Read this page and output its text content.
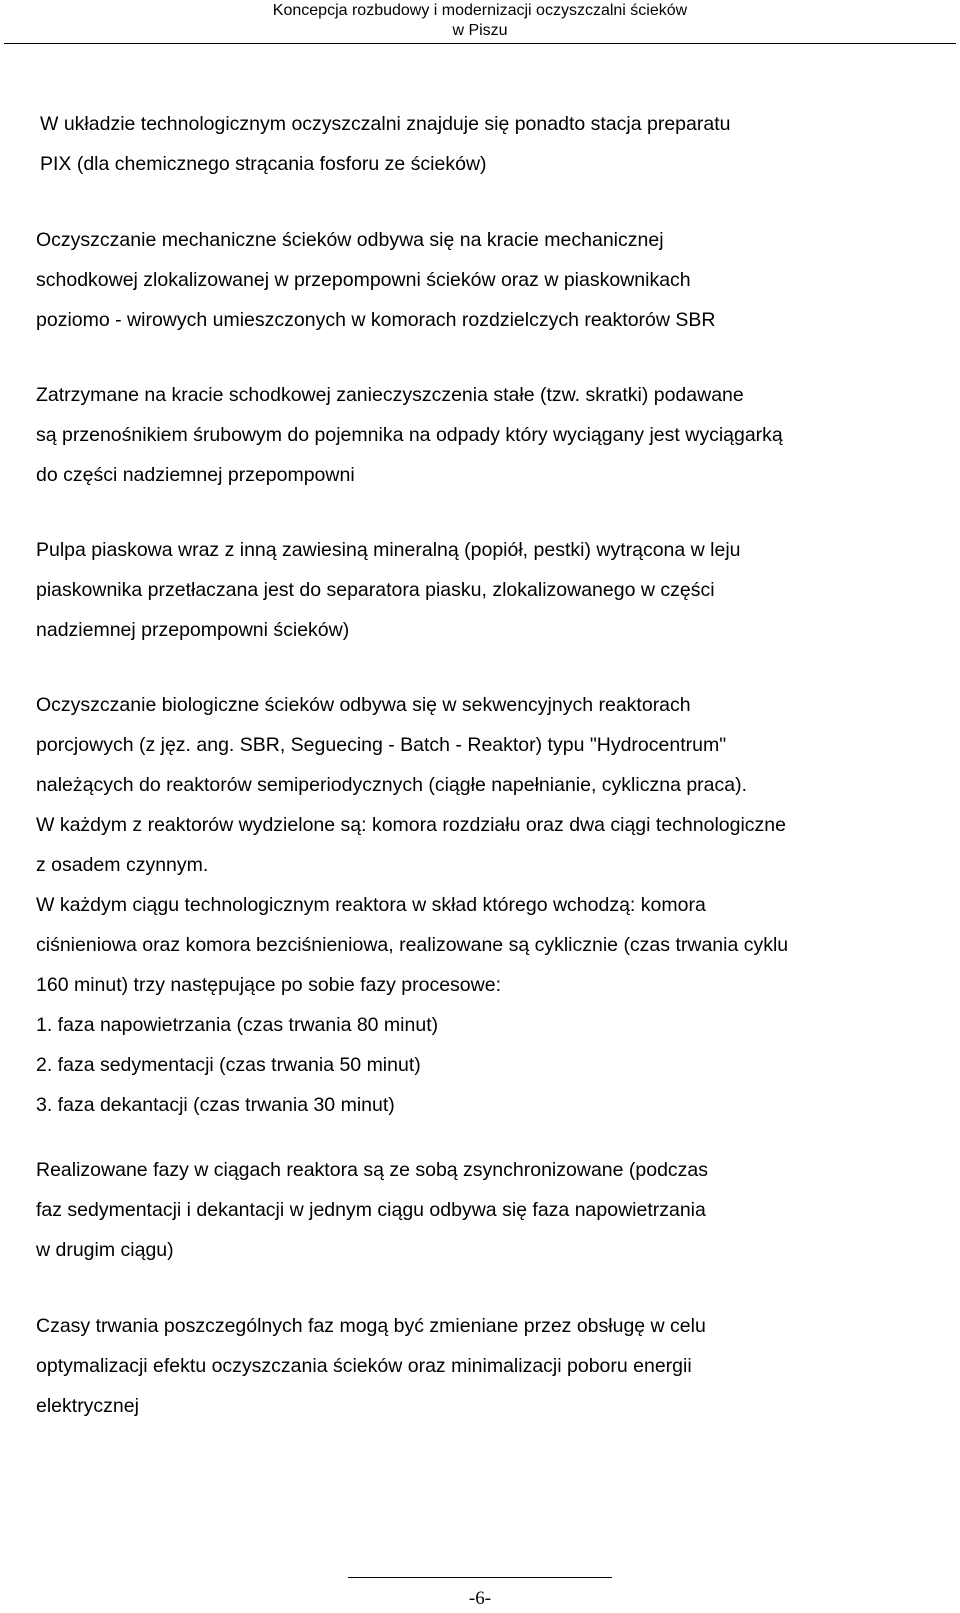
Koncepcja rozbudowy i modernizacji oczyszczalni ścieków
w Piszu
W układzie technologicznym oczyszczalni znajduje się ponadto stacja preparatu
PIX (dla chemicznego strącania fosforu ze ścieków)
Oczyszczanie mechaniczne ścieków odbywa się na kracie mechanicznej
schodkowej zlokalizowanej w przepompowni ścieków oraz w piaskownikach
poziomo - wirowych umieszczonych w komorach rozdzielczych reaktorów SBR
Zatrzymane na kracie schodkowej zanieczyszczenia stałe (tzw. skratki) podawane
są przenośnikiem śrubowym do pojemnika na odpady który wyciągany jest wyciągarką
do części nadziemnej przepompowni
Pulpa piaskowa wraz z inną zawiesiną mineralną (popiół, pestki) wytrącona w leju
piaskownika przetłaczana jest do separatora piasku, zlokalizowanego w części
nadziemnej przepompowni ścieków)
Oczyszczanie biologiczne ścieków odbywa się w sekwencyjnych reaktorach
porcjowych (z jęz. ang. SBR, Seguecing - Batch - Reaktor) typu "Hydrocentrum"
należących do reaktorów semiperiodycznych (ciągłe napełnianie, cykliczna praca).
W każdym z reaktorów wydzielone są: komora rozdziału oraz dwa ciągi technologiczne
z osadem czynnym.
W każdym ciągu technologicznym reaktora w skład którego wchodzą: komora
ciśnieniowa oraz komora bezciśnieniowa, realizowane są cyklicznie (czas trwania cyklu
160 minut) trzy następujące po sobie fazy procesowe:
1. faza napowietrzania (czas trwania 80 minut)
2. faza sedymentacji (czas trwania 50 minut)
3. faza dekantacji (czas trwania 30 minut)
Realizowane fazy w ciągach reaktora są ze sobą zsynchronizowane (podczas
faz sedymentacji i dekantacji w jednym ciągu odbywa się faza napowietrzania
w drugim ciągu)
Czasy trwania poszczególnych faz mogą być zmieniane przez obsługę w celu
optymalizacji efektu oczyszczania ścieków oraz minimalizacji poboru energii
elektrycznej
-6-
